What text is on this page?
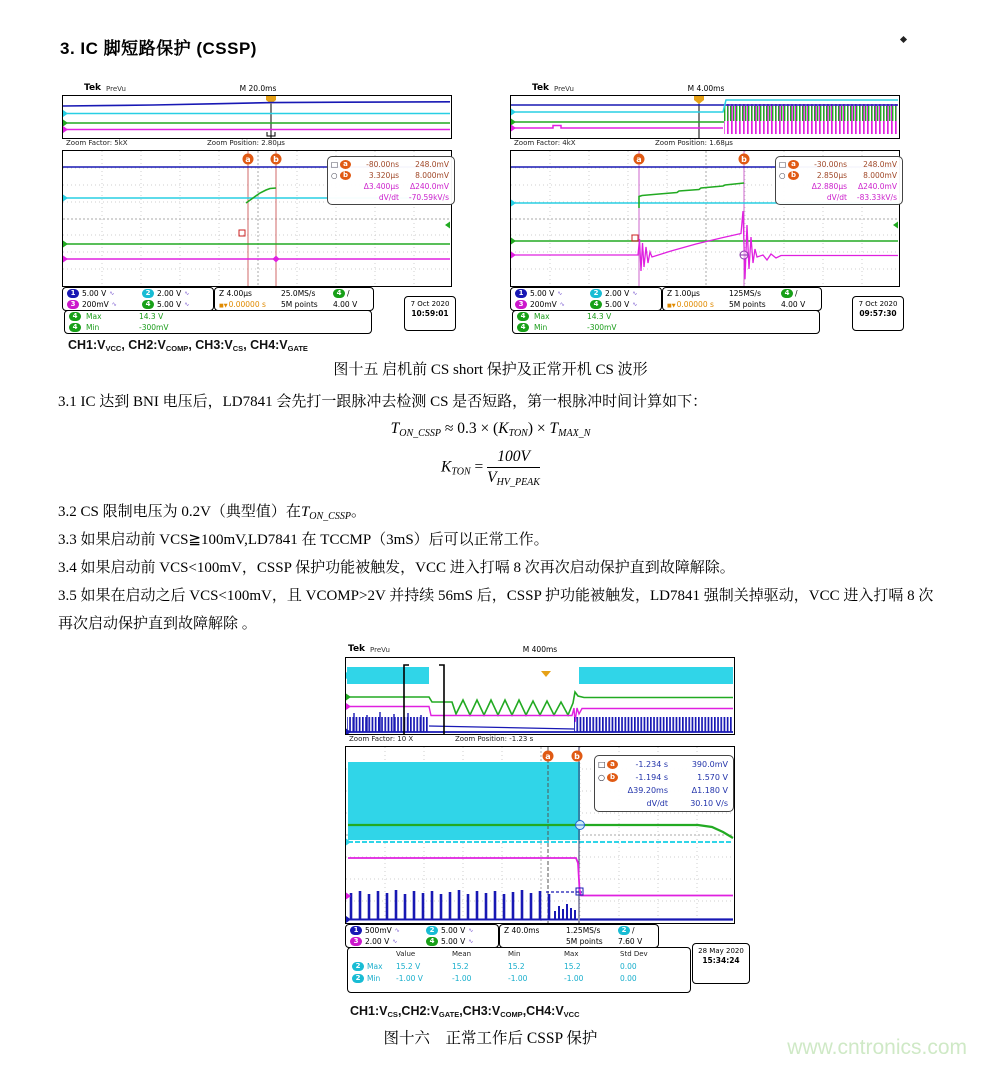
3. IC 脚短路保护 (CSSP)
Tek PreVu	M 20.0ms
Zoom Factor: 5kX	Zoom Position: 2.80μs
a	b
□ a	-80.00ns	248.0mV
○ b	3.320μs	8.000mV
Δ3.400μs	Δ240.0mV
dV/dt	-70.59kV/s
1 5.00 V ∿	2 2.00 V ∿
3 200mV ∿	4 5.00 V ∿
Z 4.00μs	25.0MS/s	4 /
■▼0.00000 s	5M points	4.00 V
4	Max	14.3 V
4	Min	-300mV
7 Oct 2020
10:59:01
Tek PreVu	M 4.00ms
Zoom Factor: 4kX	Zoom Position: 1.68μs
a	b
□ a	-30.00ns	248.0mV
○ b	2.850μs	8.000mV
Δ2.880μs	Δ240.0mV
dV/dt	-83.33kV/s
1 5.00 V ∿	2 2.00 V ∿
3 200mV ∿	4 5.00 V ∿
Z 1.00μs	125MS/s	4 /
■▼0.00000 s	5M points	4.00 V
4	Max	14.3 V
4	Min	-300mV
7 Oct 2020
09:57:30
$CH1:V_{VCC}$, $CH2:V_{COMP}$, $CH3:V_{CS}$, $CH4:V_{GATE}$
图十五 启机前 CS short 保护及正常开机 CS 波形
3.1 IC 达到 BNI 电压后，LD7841 会先打一跟脉冲去检测 CS 是否短路，第一根脉冲时间计算如下：
TON_CSSP ≈ 0.3 × (KTON) × TMAX_N
KTON = $\frac{100V}{\text{VHV\_PEAK}}$
3.2 CS 限制电压为 0.2V（典型值）在$T_{ON\_CSSP}$。
3.3 如果启动前 VCS≧100mV,LD7841 在 TCCMP（3mS）后可以正常工作。
3.4 如果启动前 VCS<100mV，CSSP 保护功能被触发，VCC 进入打嗝 8 次再次启动保护直到故障解除。
3.5 如果在启动之后 VCS<100mV，且 VCOMP>2V 并持续 56mS 后，CSSP 护功能被触发，LD7841 强制关掉驱动，VCC 进入打嗝 8 次再次启动保护直到故障解除 。
Tek PreVu	M 400ms
Zoom Factor: 10 X	Zoom Position: -1.23 s
a	b
□ a	-1.234 s	390.0mV
○ b	-1.194 s	1.570 V
Δ39.20ms	Δ1.180 V
dV/dt	30.10 V/s
1 500mV ∿	2 5.00 V ∿
3 2.00 V ∿	4 5.00 V ∿
Z 40.0ms	1.25MS/s	2 /
5M points	7.60 V
Value	Mean	Min	Max	Std Dev
2 Max 15.2 V	15.2	15.2	15.2	0.00
2 Min -1.00 V	-1.00	-1.00	-1.00	0.00
28 May 2020
15:34:24
$CH1:V_{CS},CH2:V_{GATE},CH3:V_{COMP},CH4:V_{VCC}$
图十六　正常工作后 CSSP 保护	www.cntronics.com
